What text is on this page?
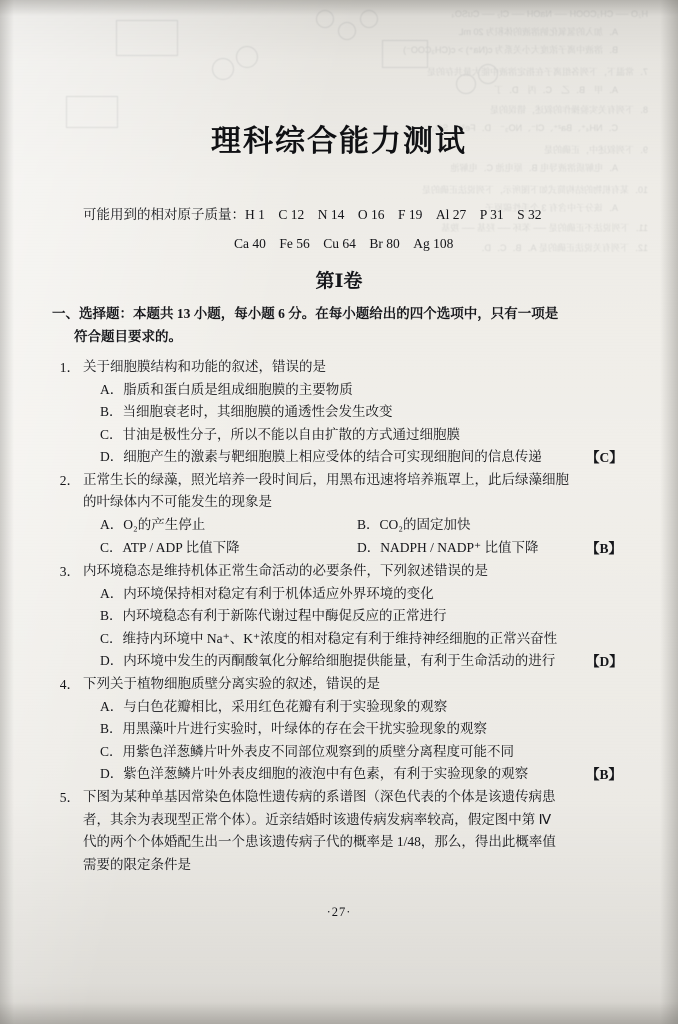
A．加入的氢氧化钠溶液的体积为 20 mL
B．溶液中离子浓度大小关系为 c(Na⁺) > c(CH₃COO⁻)
7．常温下，下列各组离子在指定溶液中能大量共存的是
A．甲　B．乙　C．丙　D．丁
8．下列有关实验操作的叙述，错误的是
C．NH₄⁺、Ba²⁺、Cl⁻、NO₃⁻　D．Fe³⁺、SO₄²⁻
9．下列叙述中，正确的是
A．电解质溶液导电 B．原电池 C．电解池
10．某有机物的结构简式如下图所示，下列说法正确的是
A．该分子中含有 3 个手性碳原子
11．下列说法不正确的是 ── 苯环 ── 羟基 ── 羧基
12．下列有关说法正确的是 A．B．C．D．
理科综合能力测试
可能用到的相对原子质量：H 1　C 12　N 14　O 16　F 19　Al 27　P 31　S 32
Ca 40　Fe 56　Cu 64　Br 80　Ag 108
第Ⅰ卷
一、选择题：本题共 13 小题，每小题 6 分。在每小题给出的四个选项中，只有一项是
符合题目要求的。
1． 关于细胞膜结构和功能的叙述，错误的是
A．脂质和蛋白质是组成细胞膜的主要物质
B．当细胞衰老时，其细胞膜的通透性会发生改变
C．甘油是极性分子，所以不能以自由扩散的方式通过细胞膜
D．细胞产生的激素与靶细胞膜上相应受体的结合可实现细胞间的信息传递	【C】
2． 正常生长的绿藻，照光培养一段时间后，用黑布迅速将培养瓶罩上，此后绿藻细胞
的叶绿体内不可能发生的现象是
A．O₂的产生停止	B．CO₂的固定加快
C．ATP / ADP 比值下降	D．NADPH / NADP⁺ 比值下降	【B】
3． 内环境稳态是维持机体正常生命活动的必要条件，下列叙述错误的是
A．内环境保持相对稳定有利于机体适应外界环境的变化
B．内环境稳态有利于新陈代谢过程中酶促反应的正常进行
C．维持内环境中 Na⁺、K⁺浓度的相对稳定有利于维持神经细胞的正常兴奋性
D．内环境中发生的丙酮酸氧化分解给细胞提供能量，有利于生命活动的进行 【D】
4． 下列关于植物细胞质壁分离实验的叙述，错误的是
A．与白色花瓣相比，采用红色花瓣有利于实验现象的观察
B．用黑藻叶片进行实验时，叶绿体的存在会干扰实验现象的观察
C．用紫色洋葱鳞片叶外表皮不同部位观察到的质壁分离程度可能不同
D．紫色洋葱鳞片叶外表皮细胞的液泡中有色素，有利于实验现象的观察	【B】
5． 下图为某种单基因常染色体隐性遗传病的系谱图（深色代表的个体是该遗传病患
者，其余为表现型正常个体）。近亲结婚时该遗传病发病率较高，假定图中第 Ⅳ
代的两个个体婚配生出一个患该遗传病子代的概率是 1/48，那么，得出此概率值
需要的限定条件是
·27·
